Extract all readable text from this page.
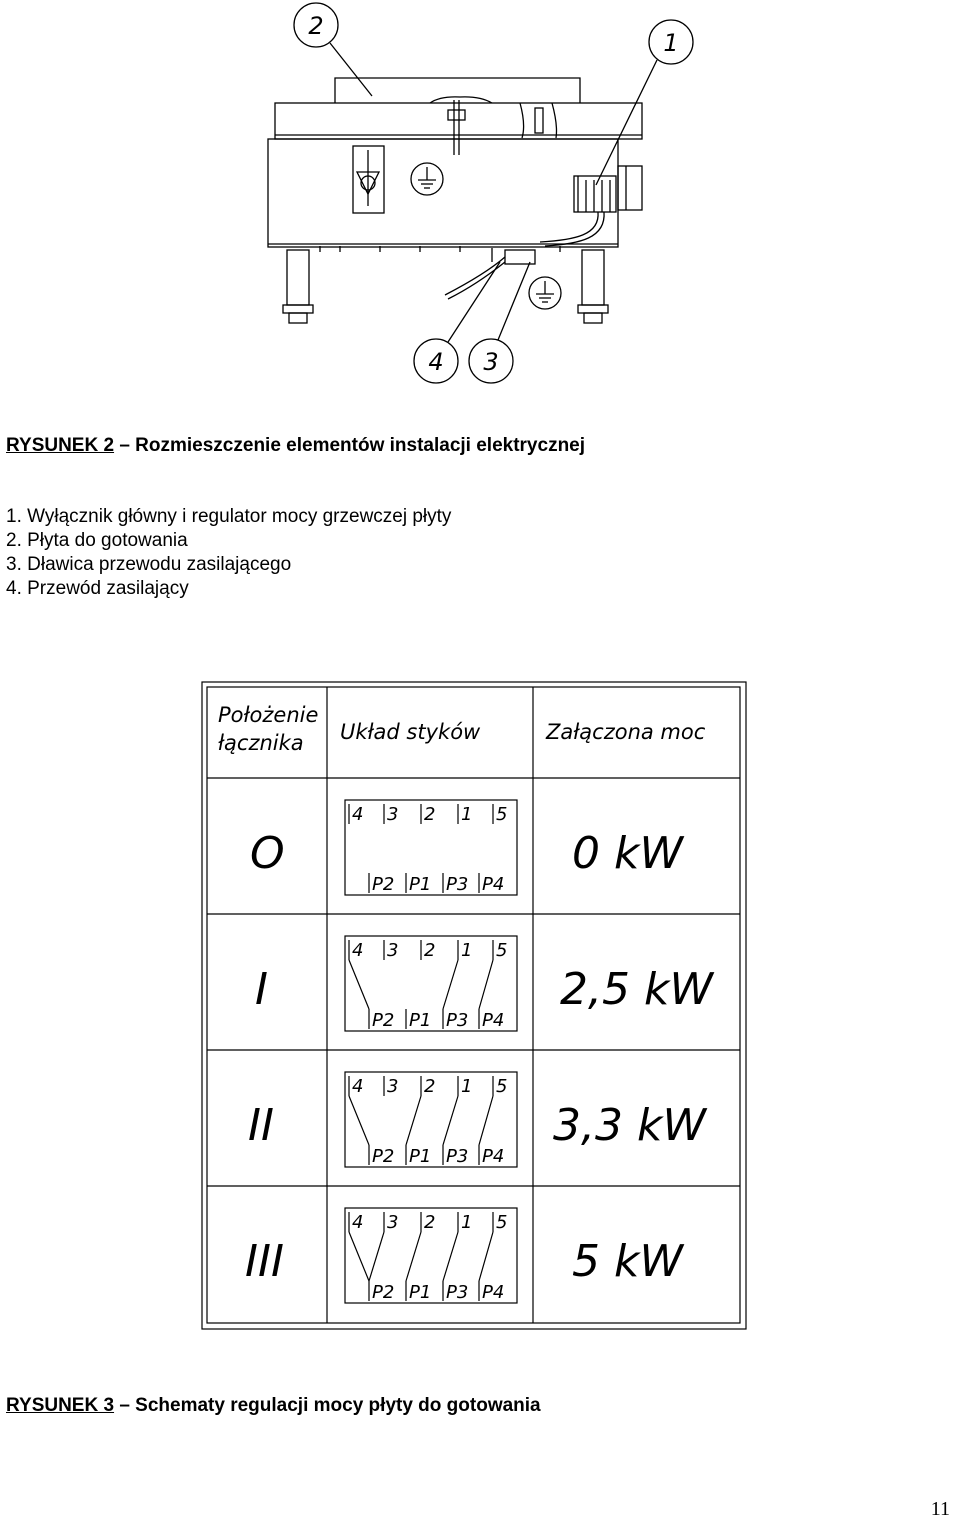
2
1
4 3
RYSUNEK 2 – Rozmieszczenie elementów instalacji elektrycznej
1. Wyłącznik główny i regulator mocy grzewczej płyty
2. Płyta do gotowania
3. Dławica przewodu zasilającego
4. Przewód zasilający
Położenie
łącznika Układ styków	Załączona moc
O
4 3 2 1 5
P2 P1 P3 P4
0 kW
I
4 3 2 1 5
P2 P1 P3 P4
2,5 kW
II
4 3 2 1 5
P2 P1 P3 P4
3,3 kW
III
4 3 2 1 5
P2 P1 P3 P4
5 kW
RYSUNEK 3 – Schematy regulacji mocy płyty do gotowania
11
